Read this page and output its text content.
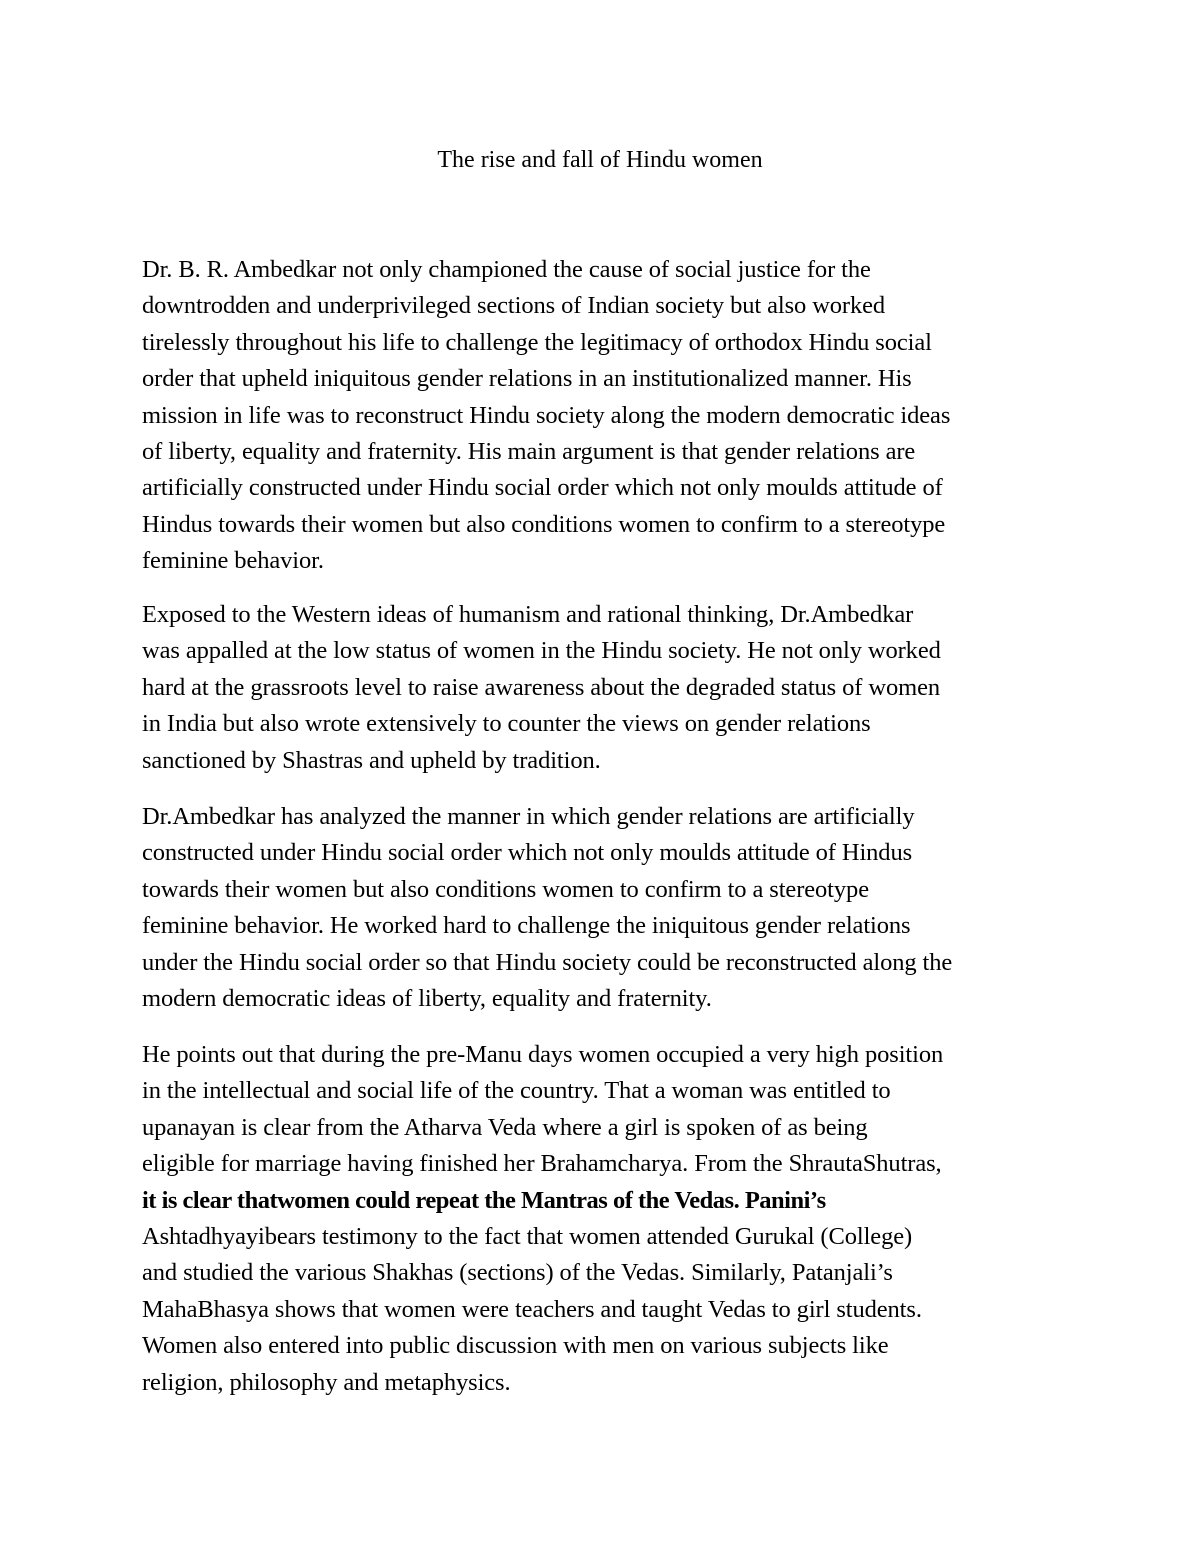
The rise and fall of Hindu women

Dr. B. R. Ambedkar not only championed the cause of social justice for the
downtrodden and underprivileged sections of Indian society but also worked
tirelessly throughout his life to challenge the legitimacy of orthodox Hindu social
order that upheld iniquitous gender relations in an institutionalized manner. His
mission in life was to reconstruct Hindu society along the modern democratic ideas
of liberty, equality and fraternity. His main argument is that gender relations are
artificially constructed under Hindu social order which not only moulds attitude of
Hindus towards their women but also conditions women to confirm to a stereotype
feminine behavior.

Exposed to the Western ideas of humanism and rational thinking, Dr.Ambedkar
was appalled at the low status of women in the Hindu society. He not only worked
hard at the grassroots level to raise awareness about the degraded status of women
in India but also wrote extensively to counter the views on gender relations
sanctioned by Shastras and upheld by tradition.

Dr.Ambedkar has analyzed the manner in which gender relations are artificially
constructed under Hindu social order which not only moulds attitude of Hindus
towards their women but also conditions women to confirm to a stereotype
feminine behavior. He worked hard to challenge the iniquitous gender relations
under the Hindu social order so that Hindu society could be reconstructed along the
modern democratic ideas of liberty, equality and fraternity.

He points out that during the pre-Manu days women occupied a very high position
in the intellectual and social life of the country. That a woman was entitled to
upanayan is clear from the Atharva Veda where a girl is spoken of as being
eligible for marriage having finished her Brahamcharya. From the ShrautaShutras,
it is clear thatwomen could repeat the Mantras of the Vedas. Panini’s
Ashtadhyayibears testimony to the fact that women attended Gurukal (College)
and studied the various Shakhas (sections) of the Vedas. Similarly, Patanjali’s
MahaBhasya shows that women were teachers and taught Vedas to girl students.
Women also entered into public discussion with men on various subjects like
religion, philosophy and metaphysics.
